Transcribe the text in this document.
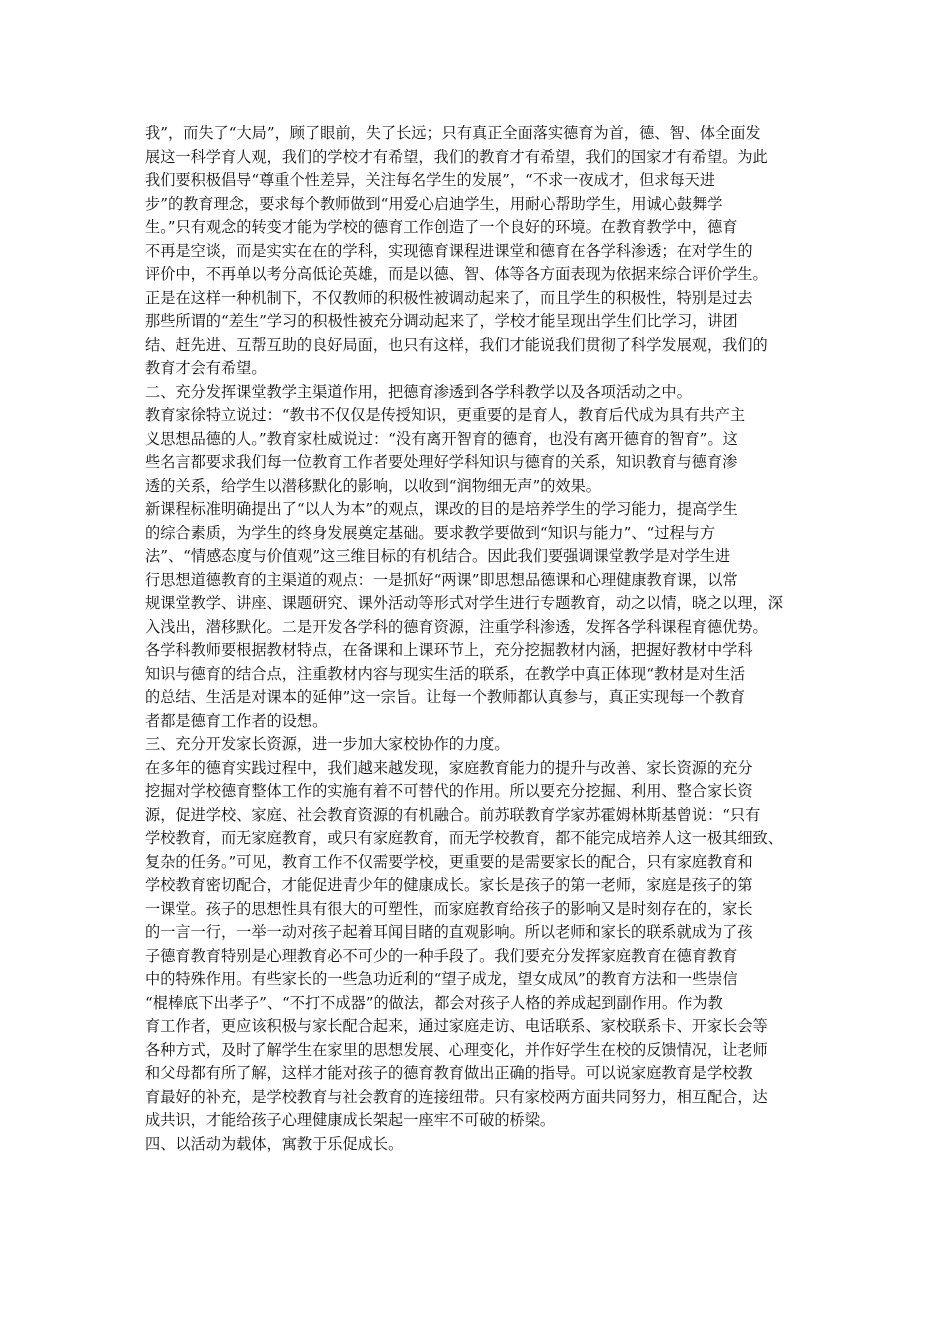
我”，而失了“大局”，顾了眼前，失了长远；只有真正全面落实德育为首，德、智、体全面发
展这一科学育人观，我们的学校才有希望，我们的教育才有希望，我们的国家才有希望。为此
我们要积极倡导“尊重个性差异，关注每名学生的发展”，“不求一夜成才，但求每天进
步”的教育理念，要求每个教师做到“用爱心启迪学生，用耐心帮助学生，用诚心鼓舞学
生。”只有观念的转变才能为学校的德育工作创造了一个良好的环境。在教育教学中，德育
不再是空谈，而是实实在在的学科，实现德育课程进课堂和德育在各学科渗透；在对学生的
评价中，不再单以考分高低论英雄，而是以德、智、体等各方面表现为依据来综合评价学生。
正是在这样一种机制下，不仅教师的积极性被调动起来了，而且学生的积极性，特别是过去
那些所谓的“差生”学习的积极性被充分调动起来了，学校才能呈现出学生们比学习，讲团
结、赶先进、互帮互助的良好局面，也只有这样，我们才能说我们贯彻了科学发展观，我们的
教育才会有希望。
二、充分发挥课堂教学主渠道作用，把德育渗透到各学科教学以及各项活动之中。
教育家徐特立说过：“教书不仅仅是传授知识，更重要的是育人，教育后代成为具有共产主
义思想品德的人。”教育家杜威说过：“没有离开智育的德育，也没有离开德育的智育”。这
些名言都要求我们每一位教育工作者要处理好学科知识与德育的关系，知识教育与德育渗
透的关系，给学生以潜移默化的影响，以收到“润物细无声”的效果。
新课程标准明确提出了“以人为本”的观点，课改的目的是培养学生的学习能力，提高学生
的综合素质，为学生的终身发展奠定基础。要求教学要做到“知识与能力”、“过程与方
法”、“情感态度与价值观”这三维目标的有机结合。因此我们要强调课堂教学是对学生进
行思想道德教育的主渠道的观点：一是抓好“两课”即思想品德课和心理健康教育课，以常
规课堂教学、讲座、课题研究、课外活动等形式对学生进行专题教育，动之以情，晓之以理，深
入浅出，潜移默化。二是开发各学科的德育资源，注重学科渗透，发挥各学科课程育德优势。
各学科教师要根据教材特点，在备课和上课环节上，充分挖掘教材内涵，把握好教材中学科
知识与德育的结合点，注重教材内容与现实生活的联系，在教学中真正体现“教材是对生活
的总结、生活是对课本的延伸”这一宗旨。让每一个教师都认真参与，真正实现每一个教育
者都是德育工作者的设想。
三、充分开发家长资源，进一步加大家校协作的力度。
在多年的德育实践过程中，我们越来越发现，家庭教育能力的提升与改善、家长资源的充分
挖掘对学校德育整体工作的实施有着不可替代的作用。所以要充分挖掘、利用、整合家长资
源，促进学校、家庭、社会教育资源的有机融合。前苏联教育学家苏霍姆林斯基曾说：“只有
学校教育，而无家庭教育，或只有家庭教育，而无学校教育，都不能完成培养人这一极其细致、
复杂的任务。”可见，教育工作不仅需要学校，更重要的是需要家长的配合，只有家庭教育和
学校教育密切配合，才能促进青少年的健康成长。家长是孩子的第一老师，家庭是孩子的第
一课堂。孩子的思想性具有很大的可塑性，而家庭教育给孩子的影响又是时刻存在的，家长
的一言一行，一举一动对孩子起着耳闻目睹的直观影响。所以老师和家长的联系就成为了孩
子德育教育特别是心理教育必不可少的一种手段了。我们要充分发挥家庭教育在德育教育
中的特殊作用。有些家长的一些急功近利的“望子成龙，望女成凤”的教育方法和一些崇信
“棍棒底下出孝子”、“不打不成器”的做法，都会对孩子人格的养成起到副作用。作为教
育工作者，更应该积极与家长配合起来，通过家庭走访、电话联系、家校联系卡、开家长会等
各种方式，及时了解学生在家里的思想发展、心理变化，并作好学生在校的反馈情况，让老师
和父母都有所了解，这样才能对孩子的德育教育做出正确的指导。可以说家庭教育是学校教
育最好的补充，是学校教育与社会教育的连接纽带。只有家校两方面共同努力，相互配合，达
成共识，才能给孩子心理健康成长架起一座牢不可破的桥梁。
四、以活动为载体，寓教于乐促成长。
